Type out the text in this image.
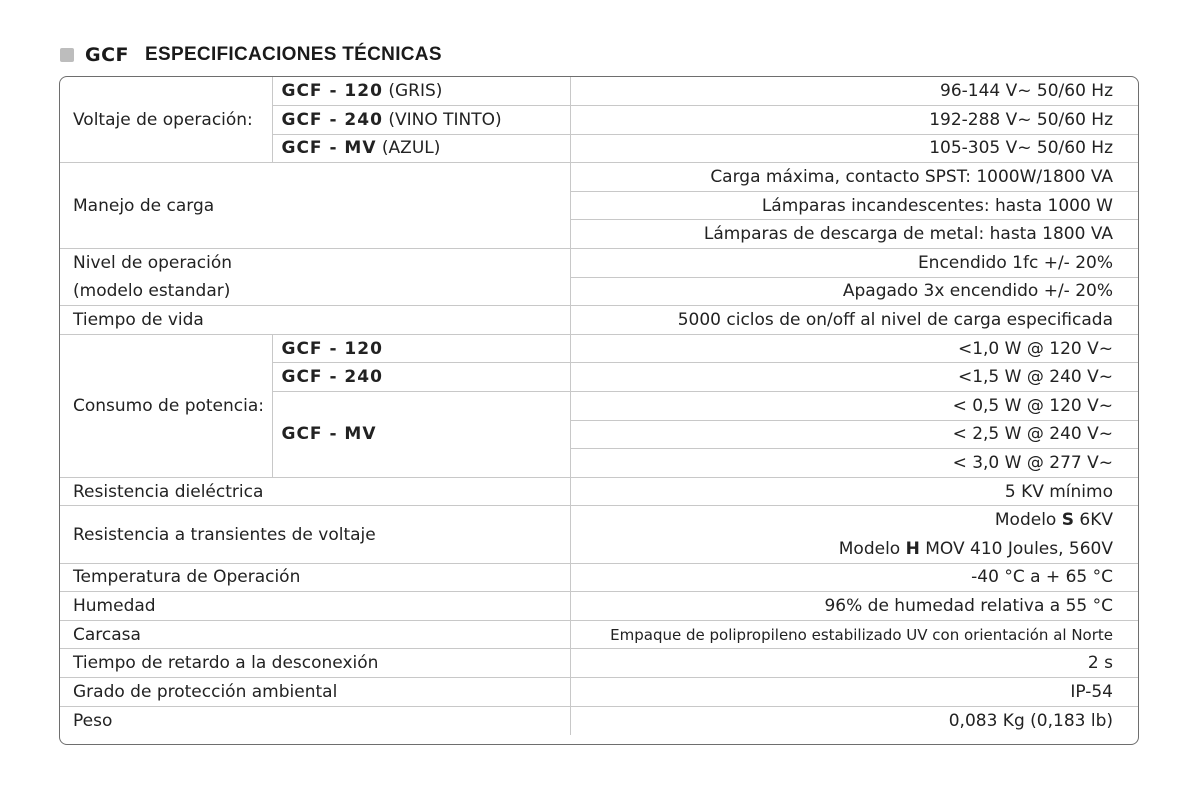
GCF ESPECIFICACIONES TÉCNICAS
Voltaje de operación:	GCF - 120 (GRIS)	96-144 V~ 50/60 Hz
	GCF - 240 (VINO TINTO)	192-288 V~ 50/60 Hz
	GCF - MV (AZUL)	105-305 V~ 50/60 Hz
Manejo de carga		Carga máxima, contacto SPST: 1000W/1800 VA
		Lámparas incandescentes: hasta 1000 W
		Lámparas de descarga de metal: hasta 1800 VA
Nivel de operación		Encendido 1fc +/- 20%
(modelo estandar)		Apagado 3x encendido +/- 20%
Tiempo de vida		5000 ciclos de on/off al nivel de carga especificada
Consumo de potencia:	GCF - 120	<1,0 W @ 120 V~
	GCF - 240	<1,5 W @ 240 V~
	GCF - MV	< 0,5 W @ 120 V~
		< 2,5 W @ 240 V~
		< 3,0 W @ 277 V~
Resistencia dieléctrica		5 KV mínimo
Resistencia a transientes de voltaje		Modelo S 6KV
		Modelo H MOV 410 Joules, 560V
Temperatura de Operación		-40 °C a + 65 °C
Humedad		96% de humedad relativa a 55 °C
Carcasa		Empaque de polipropileno estabilizado UV con orientación al Norte
Tiempo de retardo a la desconexión		2 s
Grado de protección ambiental		IP-54
Peso		0,083 Kg (0,183 lb)
